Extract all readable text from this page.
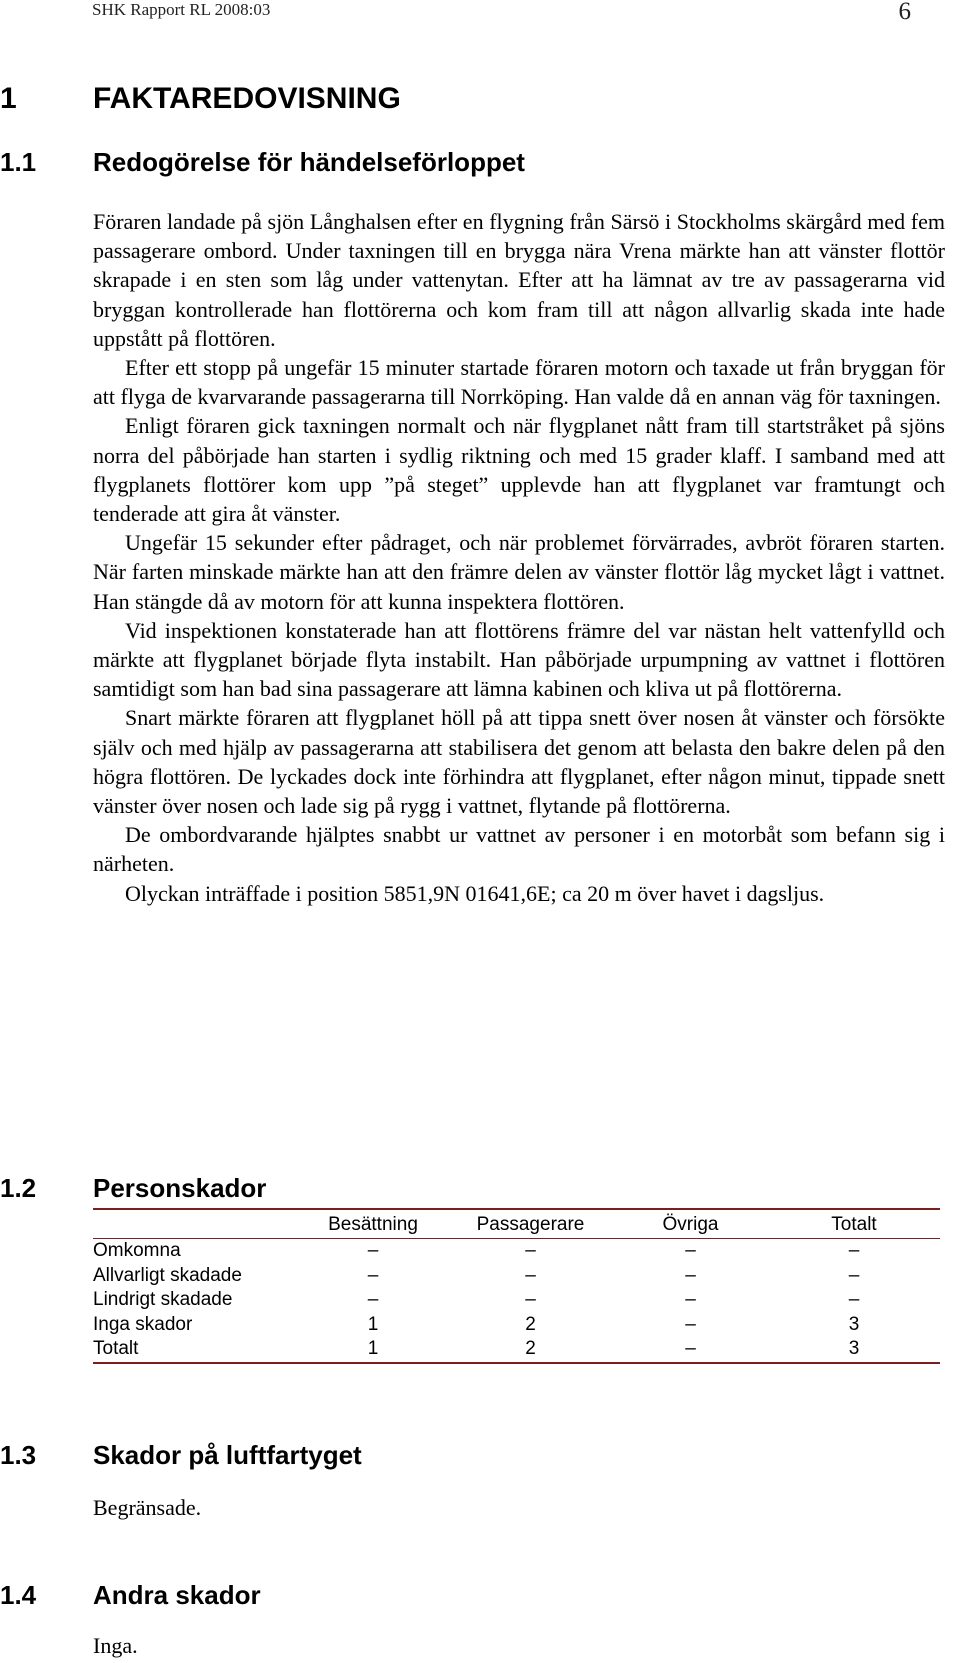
SHK Rapport RL 2008:03	6
1	FAKTAREDOVISNING
1.1 Redogörelse för händelseförloppet

Föraren landade på sjön Långhalsen efter en flygning från Särsö i Stockholms skärgård med fem passagerare ombord. Under taxningen till en brygga nära Vrena märkte han att vänster flottör skrapade i en sten som låg under vattenytan. Efter att ha lämnat av tre av passagerarna vid bryggan kontrollerade han flottörerna och kom fram till att någon allvarlig skada inte hade uppstått på flottören.

Efter ett stopp på ungefär 15 minuter startade föraren motorn och taxade ut från bryggan för att flyga de kvarvarande passagerarna till Norrköping. Han valde då en annan väg för taxningen.

Enligt föraren gick taxningen normalt och när flygplanet nått fram till startstråket på sjöns norra del påbörjade han starten i sydlig riktning och med 15 grader klaff. I samband med att flygplanets flottörer kom upp ”på steget” upplevde han att flygplanet var framtungt och tenderade att gira åt vänster.

Ungefär 15 sekunder efter pådraget, och när problemet förvärrades, avbröt föraren starten. När farten minskade märkte han att den främre delen av vänster flottör låg mycket lågt i vattnet. Han stängde då av motorn för att kunna inspektera flottören.

Vid inspektionen konstaterade han att flottörens främre del var nästan helt vattenfylld och märkte att flygplanet började flyta instabilt. Han påbörjade urpumpning av vattnet i flottören samtidigt som han bad sina passagerare att lämna kabinen och kliva ut på flottörerna.

Snart märkte föraren att flygplanet höll på att tippa snett över nosen åt vänster och försökte själv och med hjälp av passagerarna att stabilisera det genom att belasta den bakre delen på den högra flottören. De lyckades dock inte förhindra att flygplanet, efter någon minut, tippade snett vänster över nosen och lade sig på rygg i vattnet, flytande på flottörerna.

De ombordvarande hjälptes snabbt ur vattnet av personer i en motorbåt som befann sig i närheten.

Olyckan inträffade i position 5851,9N 01641,6E; ca 20 m över havet i dagsljus.

1.2 Personskador
	Besättning	Passagerare	Övriga	Totalt
Omkomna	–	–	–	–
Allvarligt skadade	–	–	–	–
Lindrigt skadade	–	–	–	–
Inga skador	1	2	–	3
Totalt	1	2	–	3
1.3 Skador på luftfartyget
Begränsade.
1.4 Andra skador
Inga.
